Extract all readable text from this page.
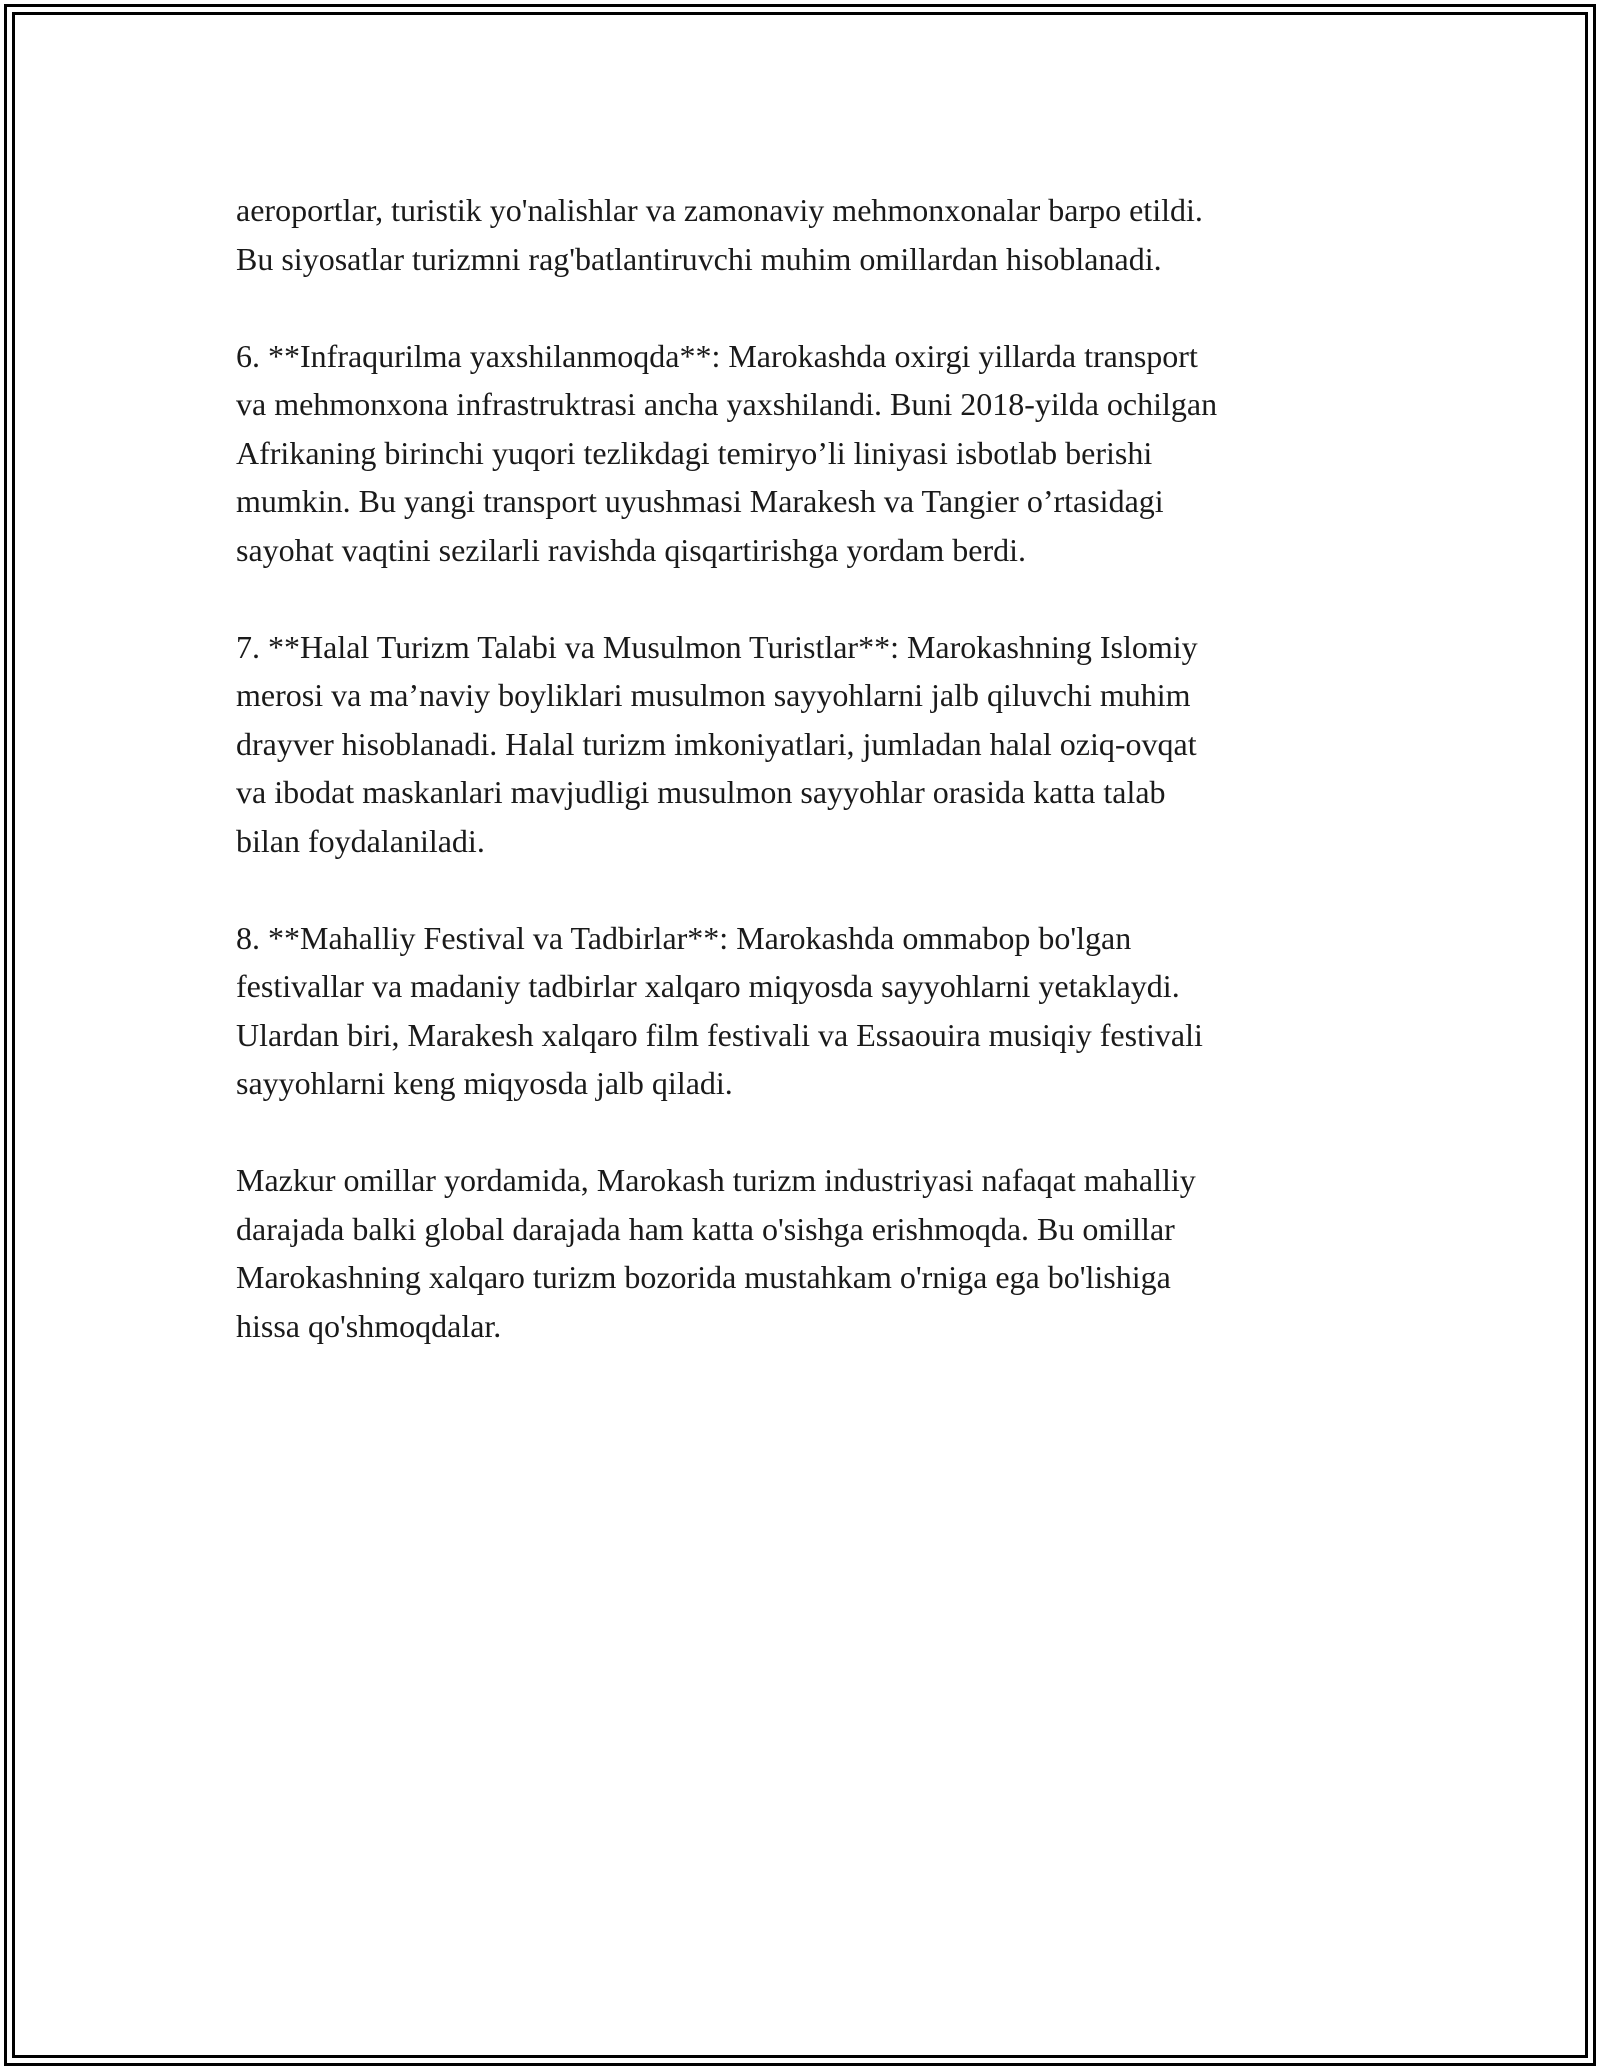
aeroportlar, turistik yo'nalishlar va zamonaviy mehmonxonalar barpo etildi.
Bu siyosatlar turizmni rag'batlantiruvchi muhim omillardan hisoblanadi.

6. **Infraqurilma yaxshilanmoqda**: Marokashda oxirgi yillarda transport
va mehmonxona infrastruktrasi ancha yaxshilandi. Buni 2018-yilda ochilgan
Afrikaning birinchi yuqori tezlikdagi temiryo’li liniyasi isbotlab berishi
mumkin. Bu yangi transport uyushmasi Marakesh va Tangier o’rtasidagi
sayohat vaqtini sezilarli ravishda qisqartirishga yordam berdi.

7. **Halal Turizm Talabi va Musulmon Turistlar**: Marokashning Islomiy
merosi va ma’naviy boyliklari musulmon sayyohlarni jalb qiluvchi muhim
drayver hisoblanadi. Halal turizm imkoniyatlari, jumladan halal oziq-ovqat
va ibodat maskanlari mavjudligi musulmon sayyohlar orasida katta talab
bilan foydalaniladi.

8. **Mahalliy Festival va Tadbirlar**: Marokashda ommabop bo'lgan
festivallar va madaniy tadbirlar xalqaro miqyosda sayyohlarni yetaklaydi.
Ulardan biri, Marakesh xalqaro film festivali va Essaouira musiqiy festivali
sayyohlarni keng miqyosda jalb qiladi.

Mazkur omillar yordamida, Marokash turizm industriyasi nafaqat mahalliy
darajada balki global darajada ham katta o'sishga erishmoqda. Bu omillar
Marokashning xalqaro turizm bozorida mustahkam o'rniga ega bo'lishiga
hissa qo'shmoqdalar.
